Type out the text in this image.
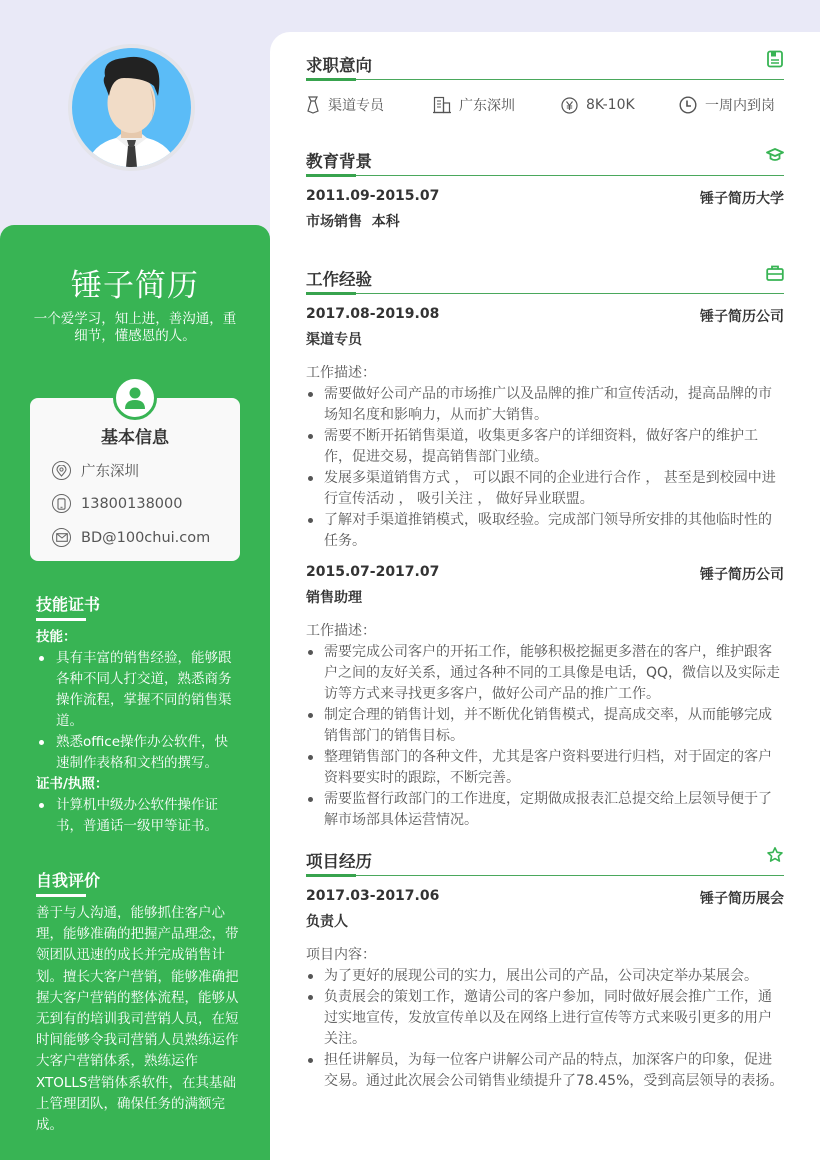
锤子简历
一个爱学习，知上进，善沟通，重细节，懂感恩的人。
基本信息
广东深圳
13800138000
BD@100chui.com
技能证书
技能：
具有丰富的销售经验，能够跟各种不同人打交道，熟悉商务操作流程，掌握不同的销售渠道。
熟悉office操作办公软件，快速制作表格和文档的撰写。
证书/执照：
计算机中级办公软件操作证书，普通话一级甲等证书。
自我评价
善于与人沟通，能够抓住客户心理，能够准确的把握产品理念，带领团队迅速的成长并完成销售计划。擅长大客户营销，能够准确把握大客户营销的整体流程，能够从无到有的培训我司营销人员，在短时间能够令我司营销人员熟练运作大客户营销体系，熟练运作XTOLLS营销体系软件，在其基础上管理团队，确保任务的满额完成。
求职意向
渠道专员	广东深圳	8K-10K	一周内到岗
教育背景
2011.09-2015.07	锤子简历大学
市场销售  本科
工作经验
2017.08-2019.08	锤子简历公司
渠道专员
工作描述：
需要做好公司产品的市场推广以及品牌的推广和宣传活动，提高品牌的市场知名度和影响力，从而扩大销售。
需要不断开拓销售渠道，收集更多客户的详细资料，做好客户的维护工作，促进交易，提高销售部门业绩。
发展多渠道销售方式 ， 可以跟不同的企业进行合作 ， 甚至是到校园中进行宣传活动 ， 吸引关注 ， 做好异业联盟。
了解对手渠道推销模式，吸取经验。完成部门领导所安排的其他临时性的任务。
2015.07-2017.07	锤子简历公司
销售助理
工作描述：
需要完成公司客户的开拓工作，能够积极挖掘更多潜在的客户，维护跟客户之间的友好关系，通过各种不同的工具像是电话，QQ，微信以及实际走访等方式来寻找更多客户，做好公司产品的推广工作。
制定合理的销售计划，并不断优化销售模式，提高成交率，从而能够完成销售部门的销售目标。
整理销售部门的各种文件，尤其是客户资料要进行归档，对于固定的客户资料要实时的跟踪，不断完善。
需要监督行政部门的工作进度，定期做成报表汇总提交给上层领导便于了解市场部具体运营情况。
项目经历
2017.03-2017.06	锤子简历展会
负责人
项目内容：
为了更好的展现公司的实力，展出公司的产品，公司决定举办某展会。
负责展会的策划工作，邀请公司的客户参加，同时做好展会推广工作，通过实地宣传，发放宣传单以及在网络上进行宣传等方式来吸引更多的用户关注。
担任讲解员，为每一位客户讲解公司产品的特点，加深客户的印象，促进交易。通过此次展会公司销售业绩提升了78.45%，受到高层领导的表扬。
